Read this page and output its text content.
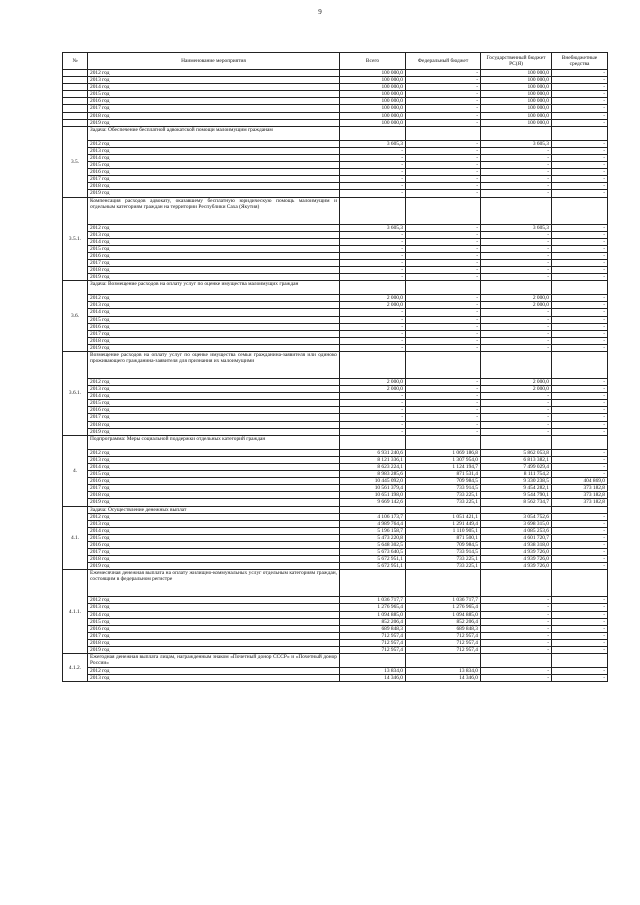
9
№	Наименование мероприятия	Всего	Федеральный бюджет	Государственный бюджет РС(Я)	Внебюджетные средства
	2012 год	100 000,0	-	100 000,0	-
	2013 год	100 000,0	-	100 000,0	-
	2014 год	100 000,0	-	100 000,0	-
	2015 год	100 000,0	-	100 000,0	-
	2016 год	100 000,0	-	100 000,0	-
	2017 год	100 000,0	-	100 000,0	-
	2018 год	100 000,0	-	100 000,0	-
	2019 год	100 000,0	-	100 000,0	-
3.5.	Задача: Обеспечение бесплатной адвокатской помощи малоимущим гражданам				
	2012 год	3 605,3	-	3 605,3	-
	2013 год	-	-	-	-
	2014 год	-	-	-	-
	2015 год	-	-	-	-
	2016 год	-	-	-	-
	2017 год	-	-	-	-
	2018 год	-	-	-	-
	2019 год	-	-	-	-
3.5.1.	Компенсация расходов адвокату, оказавшему бесплатную юридическую помощь малоимущим и отдельным категориям граждан на территории Республики Саха (Якутия)				
	2012 год	3 605,3	-	3 605,3	-
	2013 год	-	-	-	-
	2014 год	-	-	-	-
	2015 год	-	-	-	-
	2016 год	-	-	-	-
	2017 год	-	-	-	-
	2018 год	-	-	-	-
	2019 год	-	-	-	-
3.6.	Задача: Возмещение расходов на оплату услуг по оценке имущества малоимущих граждан				
	2012 год	2 000,0	-	2 000,0	-
	2013 год	2 000,0	-	2 000,0	-
	2014 год	-	-	-	-
	2015 год	-	-	-	-
	2016 год	-	-	-	-
	2017 год	-	-	-	-
	2018 год	-	-	-	-
	2019 год	-	-	-	-
3.6.1.	Возмещение расходов на оплату услуг по оценке имущества семьи гражданина-заявителя или одиноко проживающего гражданина-заявителя для признания их малоимущими				
	2012 год	2 000,0	-	2 000,0	-
	2013 год	2 000,0	-	2 000,0	-
	2014 год	-	-	-	-
	2015 год	-	-	-	-
	2016 год	-	-	-	-
	2017 год	-	-	-	-
	2018 год	-	-	-	-
	2019 год	-	-	-	-
4.	Подпрограмма: Меры социальной поддержки отдельных категорий граждан				
	2012 год	6 931 240,6	1 069 186,8	5 862 053,8	-
	2013 год	8 121 336,1	1 307 954,0	6 813 382,1	-
	2014 год	8 623 224,1	1 124 194,7	7 499 029,4	-
	2015 год	8 983 285,6	871 531,4	8 111 754,2	-
	2016 год	10 445 092,0	709 984,5	9 330 238,5	404 869,0
	2017 год	10 561 379,4	733 914,5	9 454 282,1	373 182,8
	2018 год	10 651 198,0	733 225,1	9 544 790,1	373 182,8
	2019 год	9 669 142,6	733 225,1	8 562 734,7	373 182,8
4.1.	Задача: Осуществление денежных выплат				
	2012 год	4 106 173,7	1 051 421,1	3 054 752,6	-
	2013 год	4 989 764,4	1 291 449,4	3 698 315,0	-
	2014 год	5 196 158,7	1 110 905,1	4 085 253,6	-
	2015 год	5 473 220,8	871 500,1	4 601 720,7	-
	2016 год	5 648 302,5	709 984,5	4 938 318,0	-
	2017 год	5 673 640,5	733 914,5	4 939 726,0	-
	2018 год	5 672 951,1	733 225,1	4 939 726,0	-
	2019 год	5 672 951,1	733 225,1	4 939 726,0	-
4.1.1.	Ежемесячная денежная выплата на оплату жилищно-коммунальных услуг отдельным категориям граждан, состоящим в федеральном регистре				
	2012 год	1 036 717,7	1 036 717,7	-	-
	2013 год	1 276 965,4	1 276 965,4	-	-
	2014 год	1 094 885,0	1 094 885,0	-	-
	2015 год	852 206,4	852 206,4	-	-
	2016 год	689 848,3	689 848,3	-	-
	2017 год	712 957,4	712 957,4	-	-
	2018 год	712 957,4	712 957,4	-	-
	2019 год	712 957,4	712 957,4	-	-
4.1.2.	Ежегодная денежная выплата лицам, награжденным знаком «Почетный донор СССР» и «Почетный донор России»				
	2012 год	13 834,0	13 834,0	-	-
	2013 год	14 346,0	14 346,0	-	-
